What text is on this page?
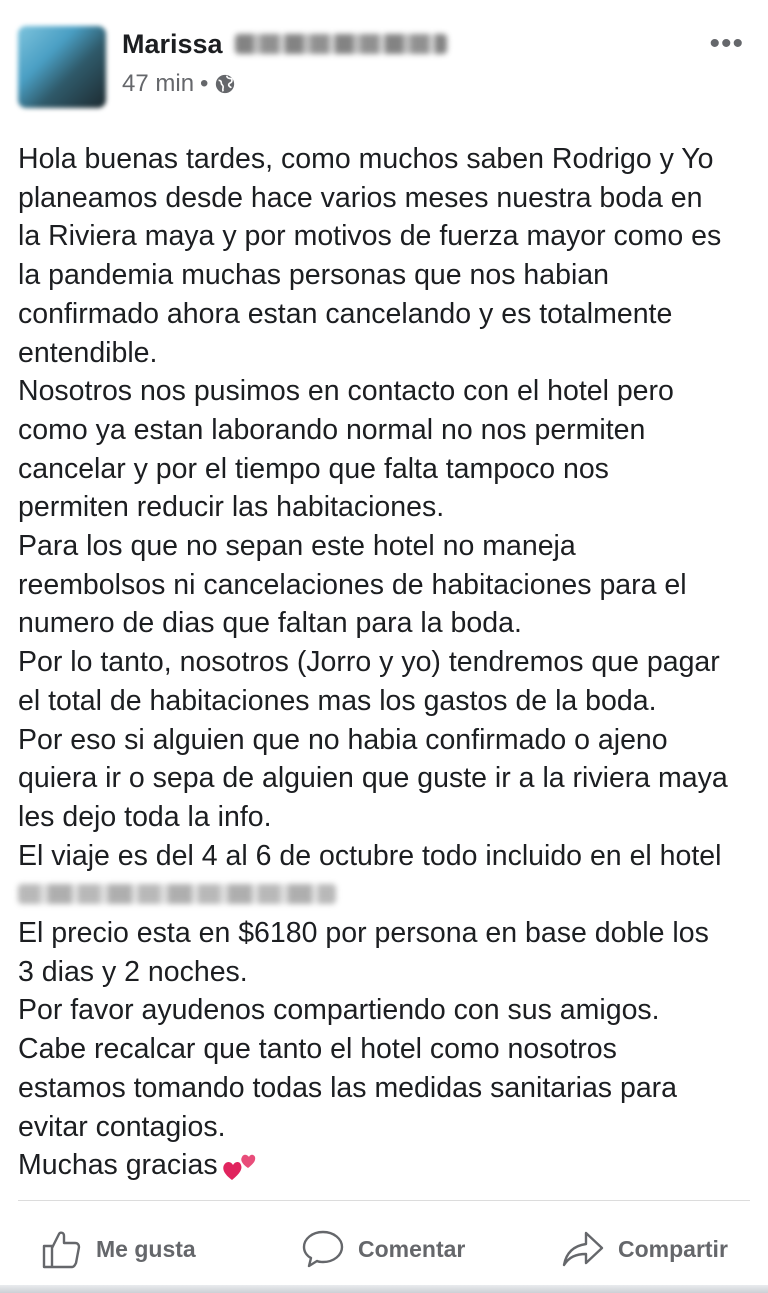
Marissa
47 min •
•••

Hola buenas tardes, como muchos saben Rodrigo y Yo

planeamos desde hace varios meses nuestra boda en

la Riviera maya y por motivos de fuerza mayor como es

la pandemia muchas personas que nos habian

confirmado ahora estan cancelando y es totalmente

entendible.

Nosotros nos pusimos en contacto con el hotel pero

como ya estan laborando normal no nos permiten

cancelar y por el tiempo que falta tampoco nos

permiten reducir las habitaciones.

Para los que no sepan este hotel no maneja

reembolsos ni cancelaciones de habitaciones para el

numero de dias que faltan para la boda.

Por lo tanto, nosotros (Jorro y yo) tendremos que pagar

el total de habitaciones mas los gastos de la boda.

Por eso si alguien que no habia confirmado o ajeno

quiera ir o sepa de alguien que guste ir a la riviera maya

les dejo toda la info.

El viaje es del 4 al 6 de octubre todo incluido en el hotel

El precio esta en $6180 por persona en base doble los

3 dias y 2 noches.

Por favor ayudenos compartiendo con sus amigos.

Cabe recalcar que tanto el hotel como nosotros

estamos tomando todas las medidas sanitarias para

evitar contagios.

Muchas gracias

Me gusta	Comentar	Compartir
